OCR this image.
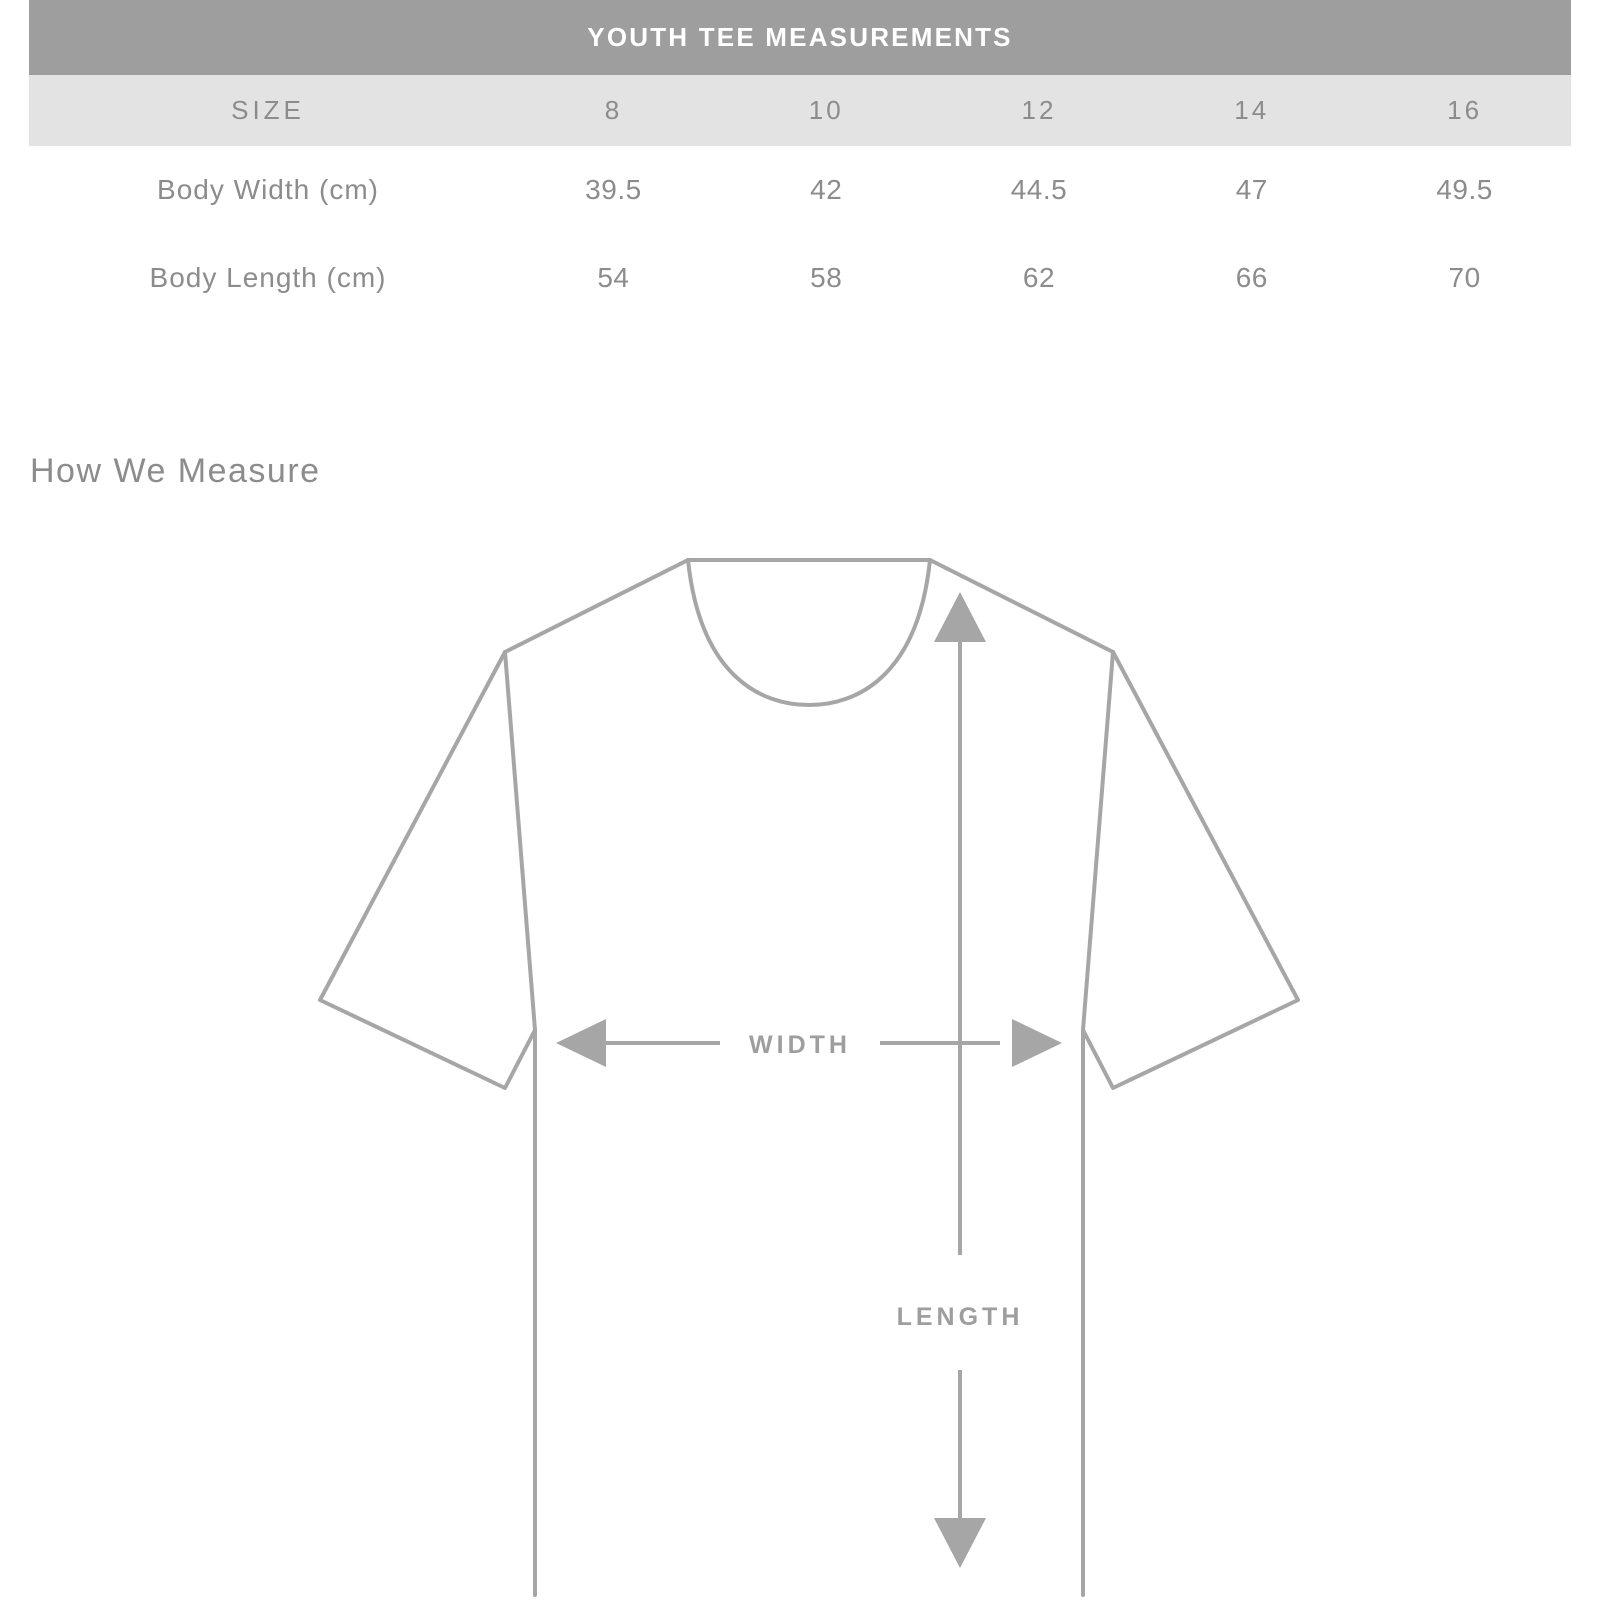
YOUTH TEE MEASUREMENTS					
SIZE	8	10	12	14	16
Body Width (cm)	39.5	42	44.5	47	49.5
Body Length (cm)	54	58	62	66	70
How We Measure
WIDTH
LENGTH
